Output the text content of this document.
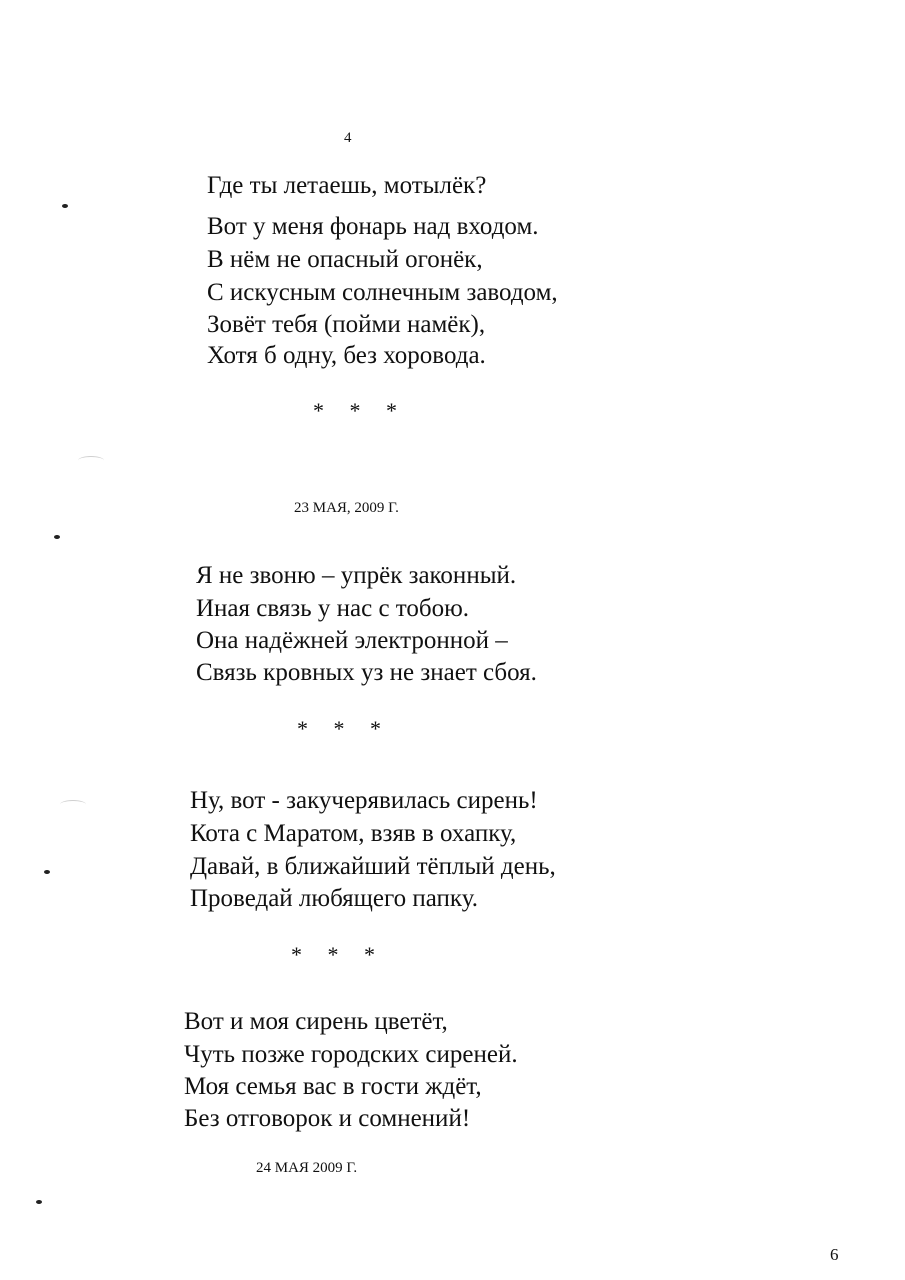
4

Где ты летаешь, мотылёк?

Вот у меня фонарь над входом.

В нём не опасный огонёк,

С искусным солнечным заводом,

Зовёт тебя (пойми намёк),

Хотя б одну, без хоровода.

* * *

23 МАЯ, 2009 Г.

Я не звоню – упрёк законный.

Иная связь у нас с тобою.

Она надёжней электронной –

Связь кровных уз не знает сбоя.

* * *

Ну, вот - закучерявилась сирень!

Кота с Маратом, взяв в охапку,

Давай, в ближайший тёплый день,

Проведай любящего папку.

* * *

Вот и моя сирень цветёт,

Чуть позже городских сиреней.

Моя семья вас в гости ждёт,

Без отговорок и сомнений!

24 МАЯ 2009 Г.

6
